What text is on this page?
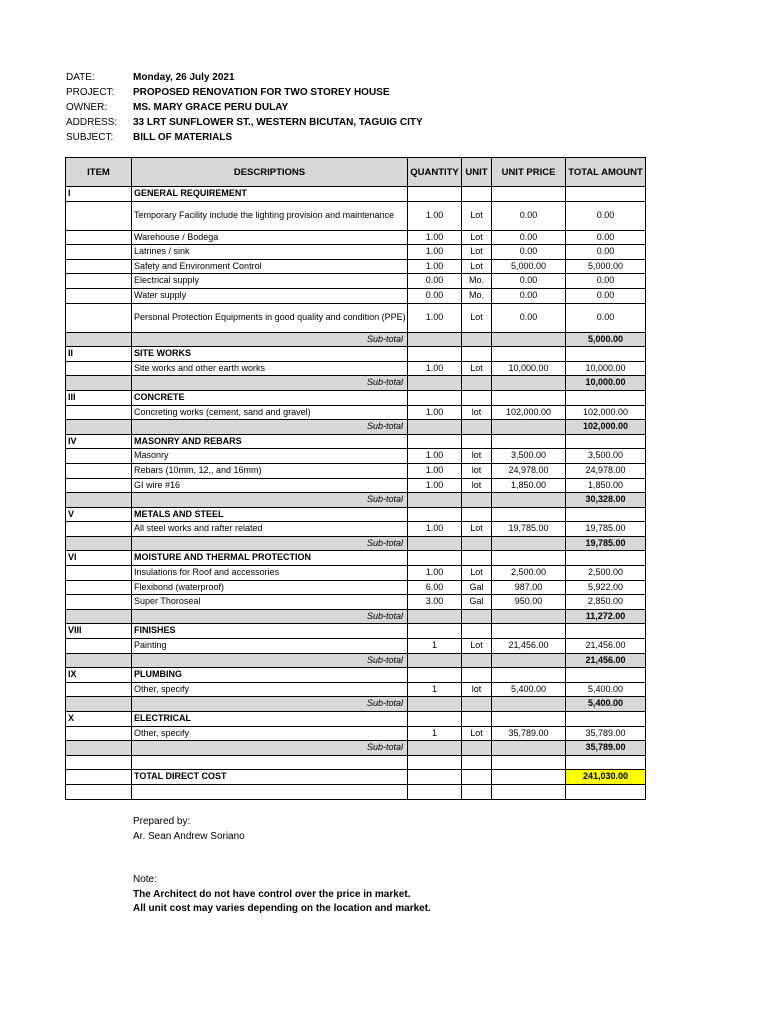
DATE:	Monday, 26 July 2021
PROJECT:	PROPOSED RENOVATION FOR TWO STOREY HOUSE
OWNER:	MS. MARY GRACE PERU DULAY
ADDRESS:	33 LRT SUNFLOWER ST., WESTERN BICUTAN, TAGUIG CITY
SUBJECT:	BILL OF MATERIALS
ITEM	DESCRIPTIONS	QUANTITY	UNIT	UNIT PRICE	TOTAL AMOUNT
I	GENERAL REQUIREMENT				
	Temporary Facility include the lighting provision and maintenance	1.00	Lot	0.00	0.00
	Warehouse / Bodega	1.00	Lot	0.00	0.00
	Latrines / sink	1.00	Lot	0.00	0.00
	Safety and Environment Control	1.00	Lot	5,000.00	5,000.00
	Electrical supply	0.00	Mo.	0.00	0.00
	Water supply	0.00	Mo.	0.00	0.00
	Personal Protection Equipments in good quality and condition (PPE)	1.00	Lot	0.00	0.00
	Sub-total				5,000.00
II	SITE WORKS				
	Site works and other earth works	1.00	Lot	10,000.00	10,000.00
	Sub-total				10,000.00
III	CONCRETE				
	Concreting works (cement, sand and gravel)	1.00	lot	102,000.00	102,000.00
	Sub-total				102,000.00
IV	MASONRY AND REBARS				
	Masonry	1.00	lot	3,500.00	3,500.00
	Rebars (10mm, 12,, and 16mm)	1.00	lot	24,978.00	24,978.00
	GI wire #16	1.00	lot	1,850.00	1,850.00
	Sub-total				30,328.00
V	METALS AND STEEL				
	All steel works and rafter related	1.00	Lot	19,785.00	19,785.00
	Sub-total				19,785.00
VI	MOISTURE AND THERMAL PROTECTION				
	Insulations for Roof and accessories	1.00	Lot	2,500.00	2,500.00
	Flexibond (waterproof)	6.00	Gal	987.00	5,922.00
	Super Thoroseal	3.00	Gal	950.00	2,850.00
	Sub-total				11,272.00
VIII	FINISHES				
	Painting	1	Lot	21,456.00	21,456.00
	Sub-total				21,456.00
IX	PLUMBING				
	Other, specify	1	lot	5,400.00	5,400.00
	Sub-total				5,400.00
X	ELECTRICAL				
	Other, specify	1	Lot	35,789.00	35,789.00
	Sub-total				35,789.00

	TOTAL DIRECT COST				241,030.00

Prepared by:
Ar. Sean Andrew Soriano
Note:
The Architect do not have control over the price in market.
All unit cost may varies depending on the location and market.
